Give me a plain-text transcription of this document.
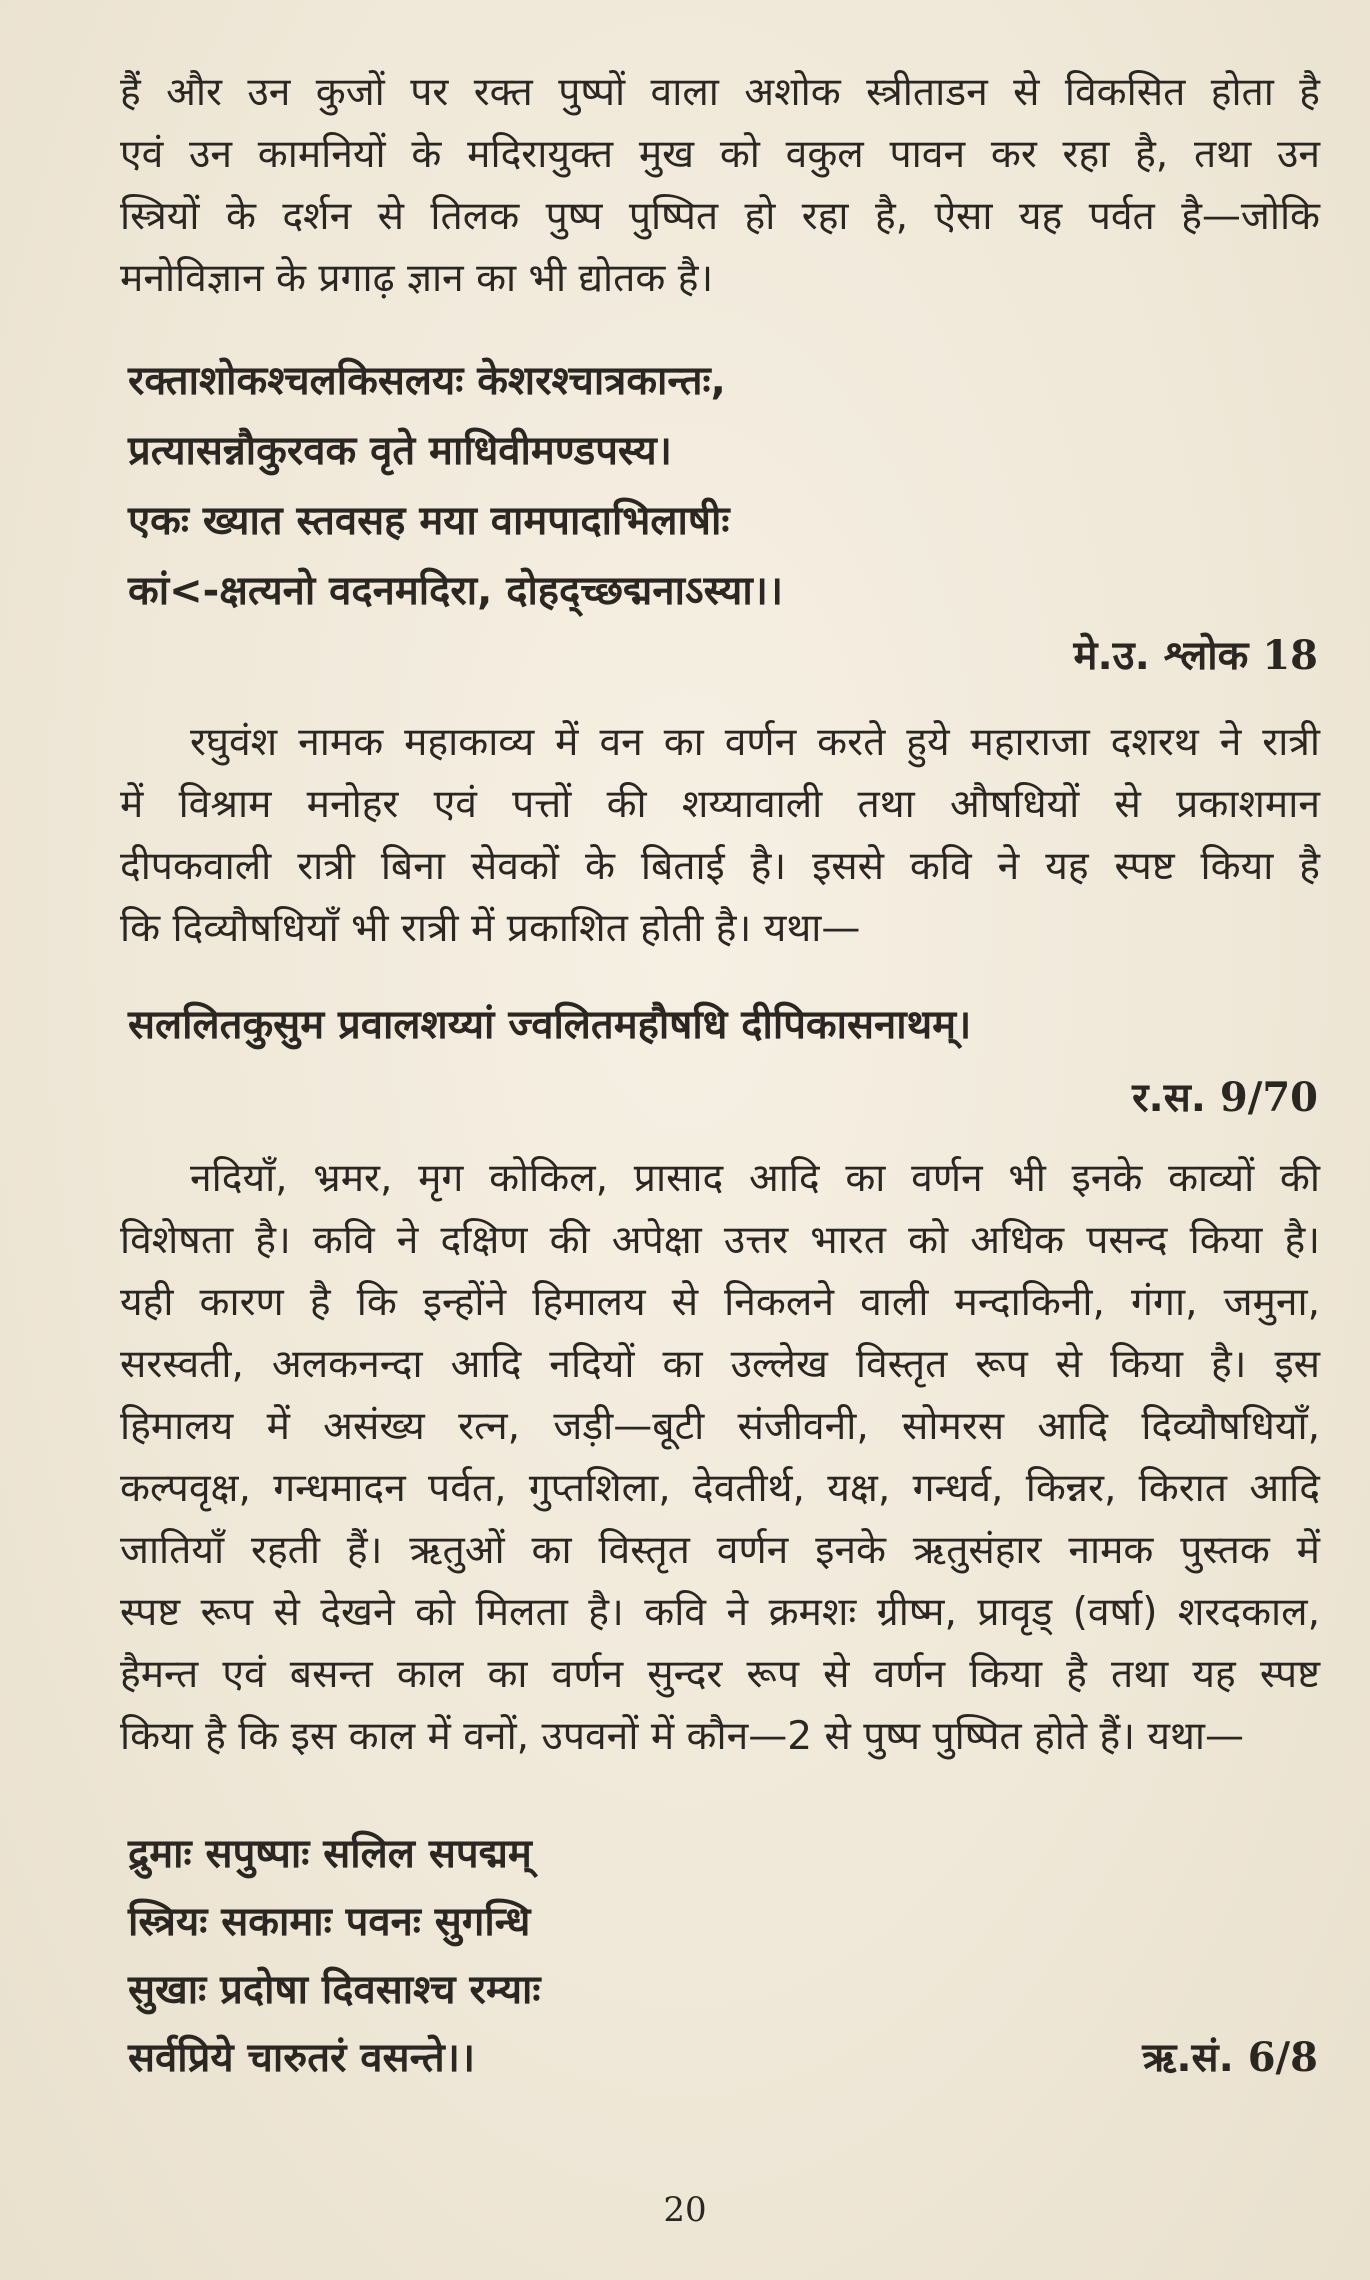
हैं और उन कुजों पर रक्त पुष्पों वाला अशोक स्त्रीताडन से विकसित होता है
एवं उन कामनियों के मदिरायुक्त मुख को वकुल पावन कर रहा है, तथा उन
स्त्रियों के दर्शन से तिलक पुष्प पुष्पित हो रहा है, ऐसा यह पर्वत है—जोकि
मनोविज्ञान के प्रगाढ़ ज्ञान का भी द्योतक है।
रक्ताशोकश्चलकिसलयः केशरश्चात्रकान्तः,
प्रत्यासन्नौकुरवक वृते माधिवीमण्डपस्य।
एकः ख्यात स्तवसह मया वामपादाभिलाषीः
कां<-क्षत्यनो वदनमदिरा, दोहद्च्छद्मनाऽस्या।।
मे.उ. श्लोक 18
रघुवंश नामक महाकाव्य में वन का वर्णन करते हुये महाराजा दशरथ ने रात्री
में विश्राम मनोहर एवं पत्तों की शय्यावाली तथा औषधियों से प्रकाशमान
दीपकवाली रात्री बिना सेवकों के बिताई है। इससे कवि ने यह स्पष्ट किया है
कि दिव्यौषधियाँ भी रात्री में प्रकाशित होती है। यथा—
सललितकुसुम प्रवालशय्यां ज्वलितमहौषधि दीपिकासनाथम्।
र.स. 9/70
नदियाँ, भ्रमर, मृग कोकिल, प्रासाद आदि का वर्णन भी इनके काव्यों की
विशेषता है। कवि ने दक्षिण की अपेक्षा उत्तर भारत को अधिक पसन्द किया है।
यही कारण है कि इन्होंने हिमालय से निकलने वाली मन्दाकिनी, गंगा, जमुना,
सरस्वती, अलकनन्दा आदि नदियों का उल्लेख विस्तृत रूप से किया है। इस
हिमालय में असंख्य रत्न, जड़ी—बूटी संजीवनी, सोमरस आदि दिव्यौषधियाँ,
कल्पवृक्ष, गन्धमादन पर्वत, गुप्तशिला, देवतीर्थ, यक्ष, गन्धर्व, किन्नर, किरात आदि
जातियाँ रहती हैं। ऋतुओं का विस्तृत वर्णन इनके ऋतुसंहार नामक पुस्तक में
स्पष्ट रूप से देखने को मिलता है। कवि ने क्रमशः ग्रीष्म, प्रावृड् (वर्षा) शरदकाल,
हैमन्त एवं बसन्त काल का वर्णन सुन्दर रूप से वर्णन किया है तथा यह स्पष्ट
किया है कि इस काल में वनों, उपवनों में कौन—2 से पुष्प पुष्पित होते हैं। यथा—
द्रुमाः सपुष्पाः सलिल सपद्मम्
स्त्रियः सकामाः पवनः सुगन्धि
सुखाः प्रदोषा दिवसाश्च रम्याः
सर्वप्रिये चारुतरं वसन्ते।।	ऋ.सं. 6/8
20
